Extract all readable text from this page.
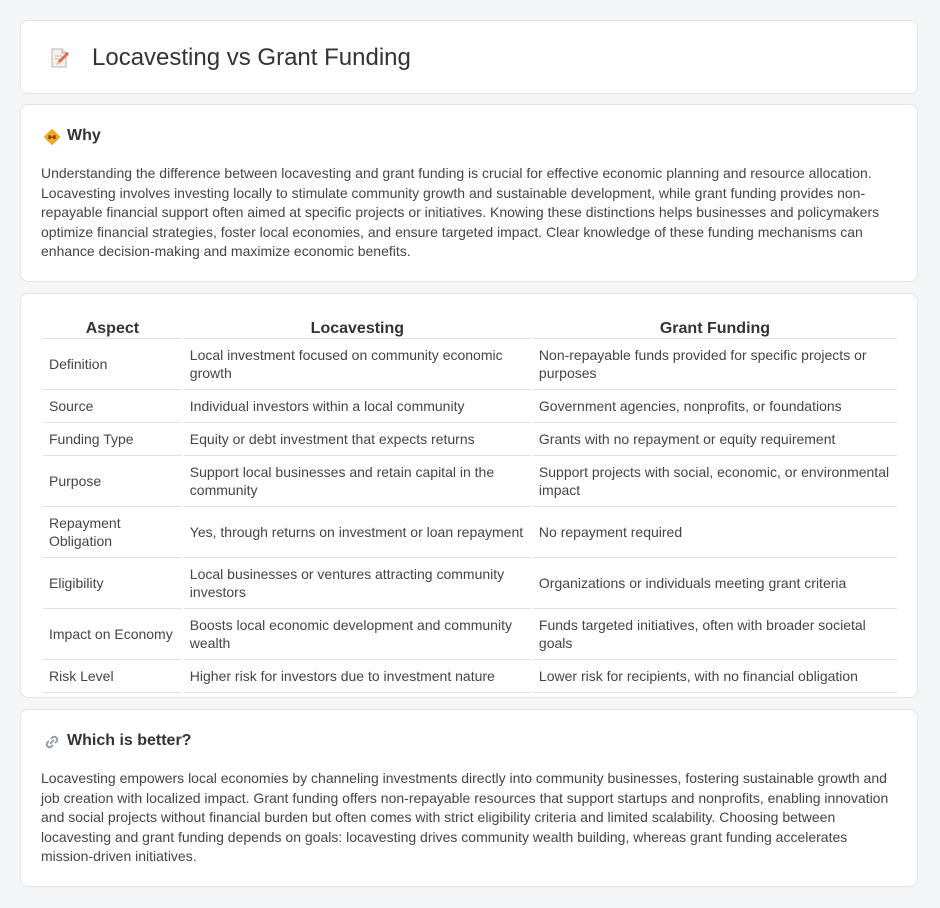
Locavesting vs Grant Funding
Why

Understanding the difference between locavesting and grant funding is crucial for effective economic planning and resource allocation. Locavesting involves investing locally to stimulate community growth and sustainable development, while grant funding provides non-repayable financial support often aimed at specific projects or initiatives. Knowing these distinctions helps businesses and policymakers optimize financial strategies, foster local economies, and ensure targeted impact. Clear knowledge of these funding mechanisms can enhance decision-making and maximize economic benefits.

Aspect	Locavesting	Grant Funding
Definition	Local investment focused on community economic growth	Non-repayable funds provided for specific projects or purposes
Source	Individual investors within a local community	Government agencies, nonprofits, or foundations
Funding Type	Equity or debt investment that expects returns	Grants with no repayment or equity requirement
Purpose	Support local businesses and retain capital in the community	Support projects with social, economic, or environmental impact
Repayment Obligation	Yes, through returns on investment or loan repayment	No repayment required
Eligibility	Local businesses or ventures attracting community investors	Organizations or individuals meeting grant criteria
Impact on Economy	Boosts local economic development and community wealth	Funds targeted initiatives, often with broader societal goals
Risk Level	Higher risk for investors due to investment nature	Lower risk for recipients, with no financial obligation
Which is better?

Locavesting empowers local economies by channeling investments directly into community businesses, fostering sustainable growth and job creation with localized impact. Grant funding offers non-repayable resources that support startups and nonprofits, enabling innovation and social projects without financial burden but often comes with strict eligibility criteria and limited scalability. Choosing between locavesting and grant funding depends on goals: locavesting drives community wealth building, whereas grant funding accelerates mission-driven initiatives.
